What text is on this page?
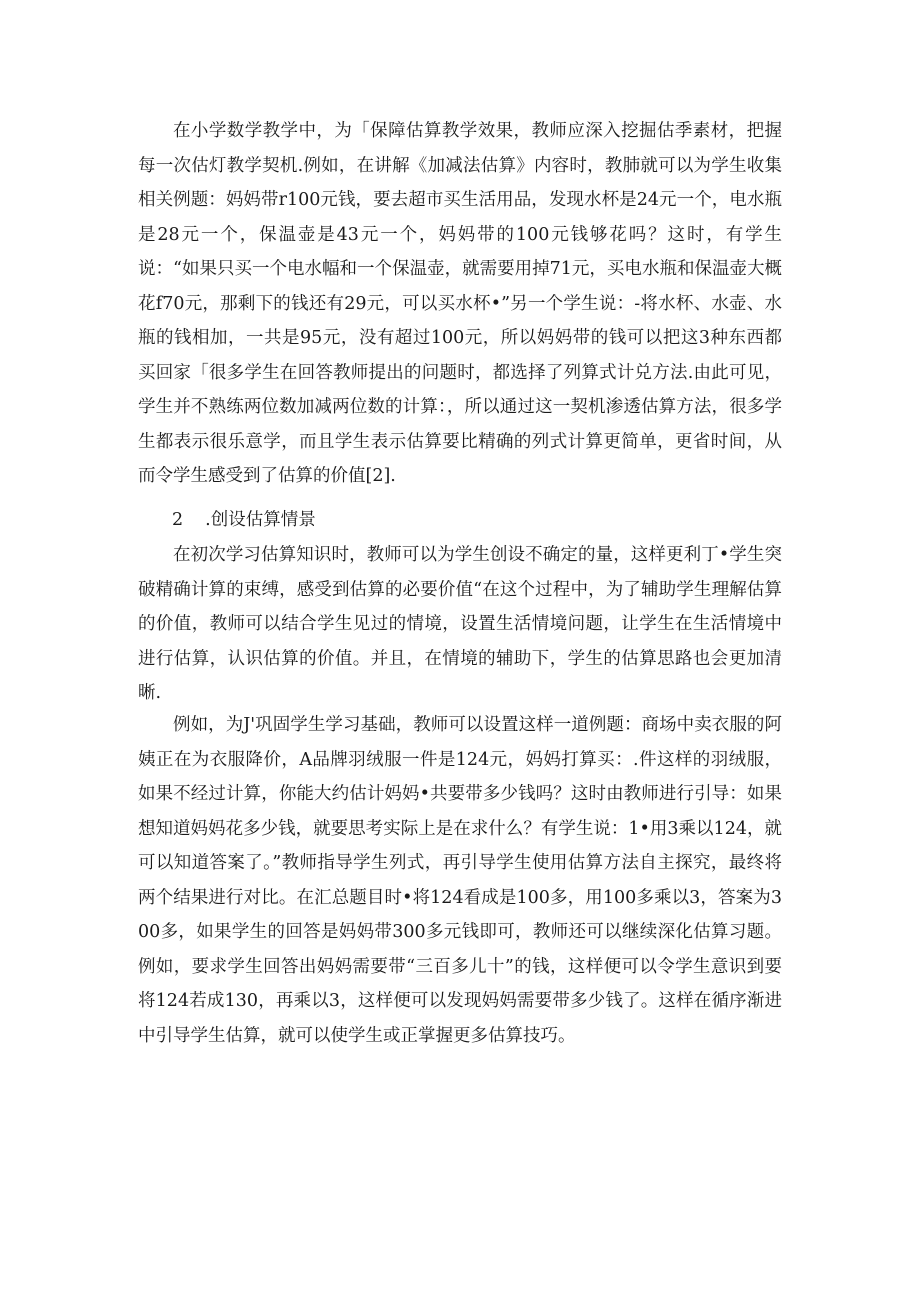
在小学数学教学中，为「保障估算教学效果，教师应深入挖掘估季素材，把握每一次估灯教学契机.例如，在讲解《加减法估算》内容时，教肺就可以为学生收集相关例题：妈妈带r100元钱，要去超市买生活用品，发现水杯是24元一个，电水瓶是28元一个，保温壶是43元一个，妈妈带的100元钱够花吗？这时，有学生说：“如果只买一个电水幅和一个保温壶，就需要用掉71元，买电水瓶和保温壶大概花f70元，那剩下的钱还有29元，可以买水杯•”另一个学生说：-将水杯、水壶、水瓶的钱相加，一共是95元，没有超过100元，所以妈妈带的钱可以把这3种东西都买回家「很多学生在回答教师提出的问题时，都选择了列算式计兑方法.由此可见，学生并不熟练两位数加减两位数的计算：，所以通过这一契机渗透估算方法，很多学生都表示很乐意学，而且学生表示估算要比精确的列式计算更简单，更省时间，从而令学生感受到了估算的价值[2].

2 .创设估算情景

在初次学习估算知识时，教师可以为学生创设不确定的量，这样更利丁•学生突破精确计算的束缚，感受到估算的必要价值“在这个过程中，为了辅助学生理解估算的价值，教师可以结合学生见过的情境，设置生活情境问题，让学生在生活情境中进行估算，认识估算的价值。并且，在情境的辅助下，学生的估算思路也会更加清晰.

例如，为J'巩固学生学习基础，教师可以设置这样一道例题：商场中卖衣服的阿姨正在为衣服降价，A品牌羽绒服一件是124元，妈妈打算买：.件这样的羽绒服，如果不经过计算，你能大约估计妈妈•共要带多少钱吗？这时由教师进行引导：如果想知道妈妈花多少钱，就要思考实际上是在求什么？有学生说：1•用3乘以124，就可以知道答案了。”教师指导学生列式，再引导学生使用估算方法自主探究，最终将两个结果进行对比。在汇总题目时•将124看成是100多，用100多乘以3，答案为300多，如果学生的回答是妈妈带300多元钱即可，教师还可以继续深化估算习题。例如，要求学生回答出妈妈需要带“三百多儿十”的钱，这样便可以令学生意识到要将124若成130，再乘以3，这样便可以发现妈妈需要带多少钱了。这样在循序渐进中引导学生估算，就可以使学生或正掌握更多估算技巧。
